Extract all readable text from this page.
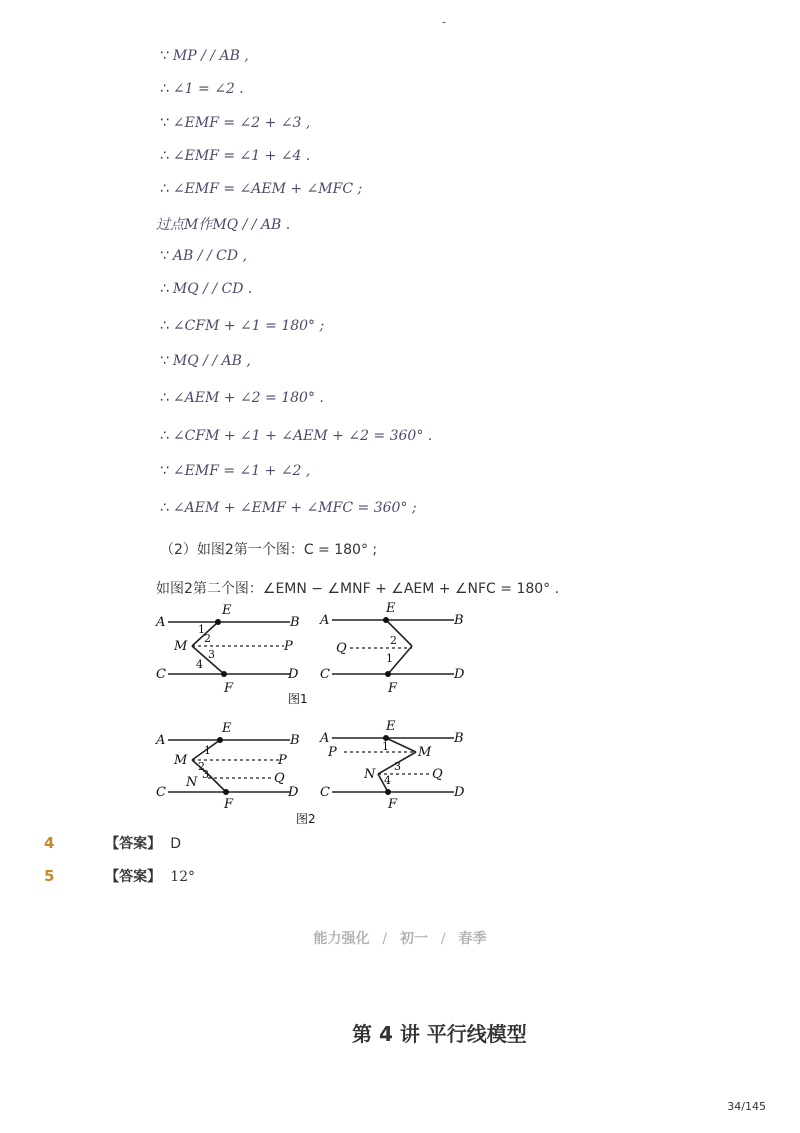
-
∵ MP / / AB ,
∴ ∠1 = ∠2 .
∵ ∠EMF = ∠2 + ∠3 ,
∴ ∠EMF = ∠1 + ∠4 .
∴ ∠EMF = ∠AEM + ∠MFC ;
过点M作MQ / / AB .
∵ AB / / CD ,
∴ MQ / / CD .
∴ ∠CFM + ∠1 = 180° ;
∵ MQ / / AB ,
∴ ∠AEM + ∠2 = 180° .
∴ ∠CFM + ∠1 + ∠AEM + ∠2 = 360° .
∵ ∠EMF = ∠1 + ∠2 ,
∴ ∠AEM + ∠EMF + ∠MFC = 360° ;
（2）如图2第一个图：C = 180° ;
如图2第二个图：∠EMN − ∠MNF + ∠AEM + ∠NFC = 180° .
A
E
B
M	P
C
F
D
1
2
3
4
A
E
B
Q
C
F
D
2
1
图1
A
E
B
M	P
N	Q
C
F
D
1
2
3
A
E
B
P	M
N	Q
C
F
D
1
3
4
图2
4	【答案】 D
5	【答案】 12°
能力强化 / 初一 / 春季
第 4 讲 平行线模型
34/145
